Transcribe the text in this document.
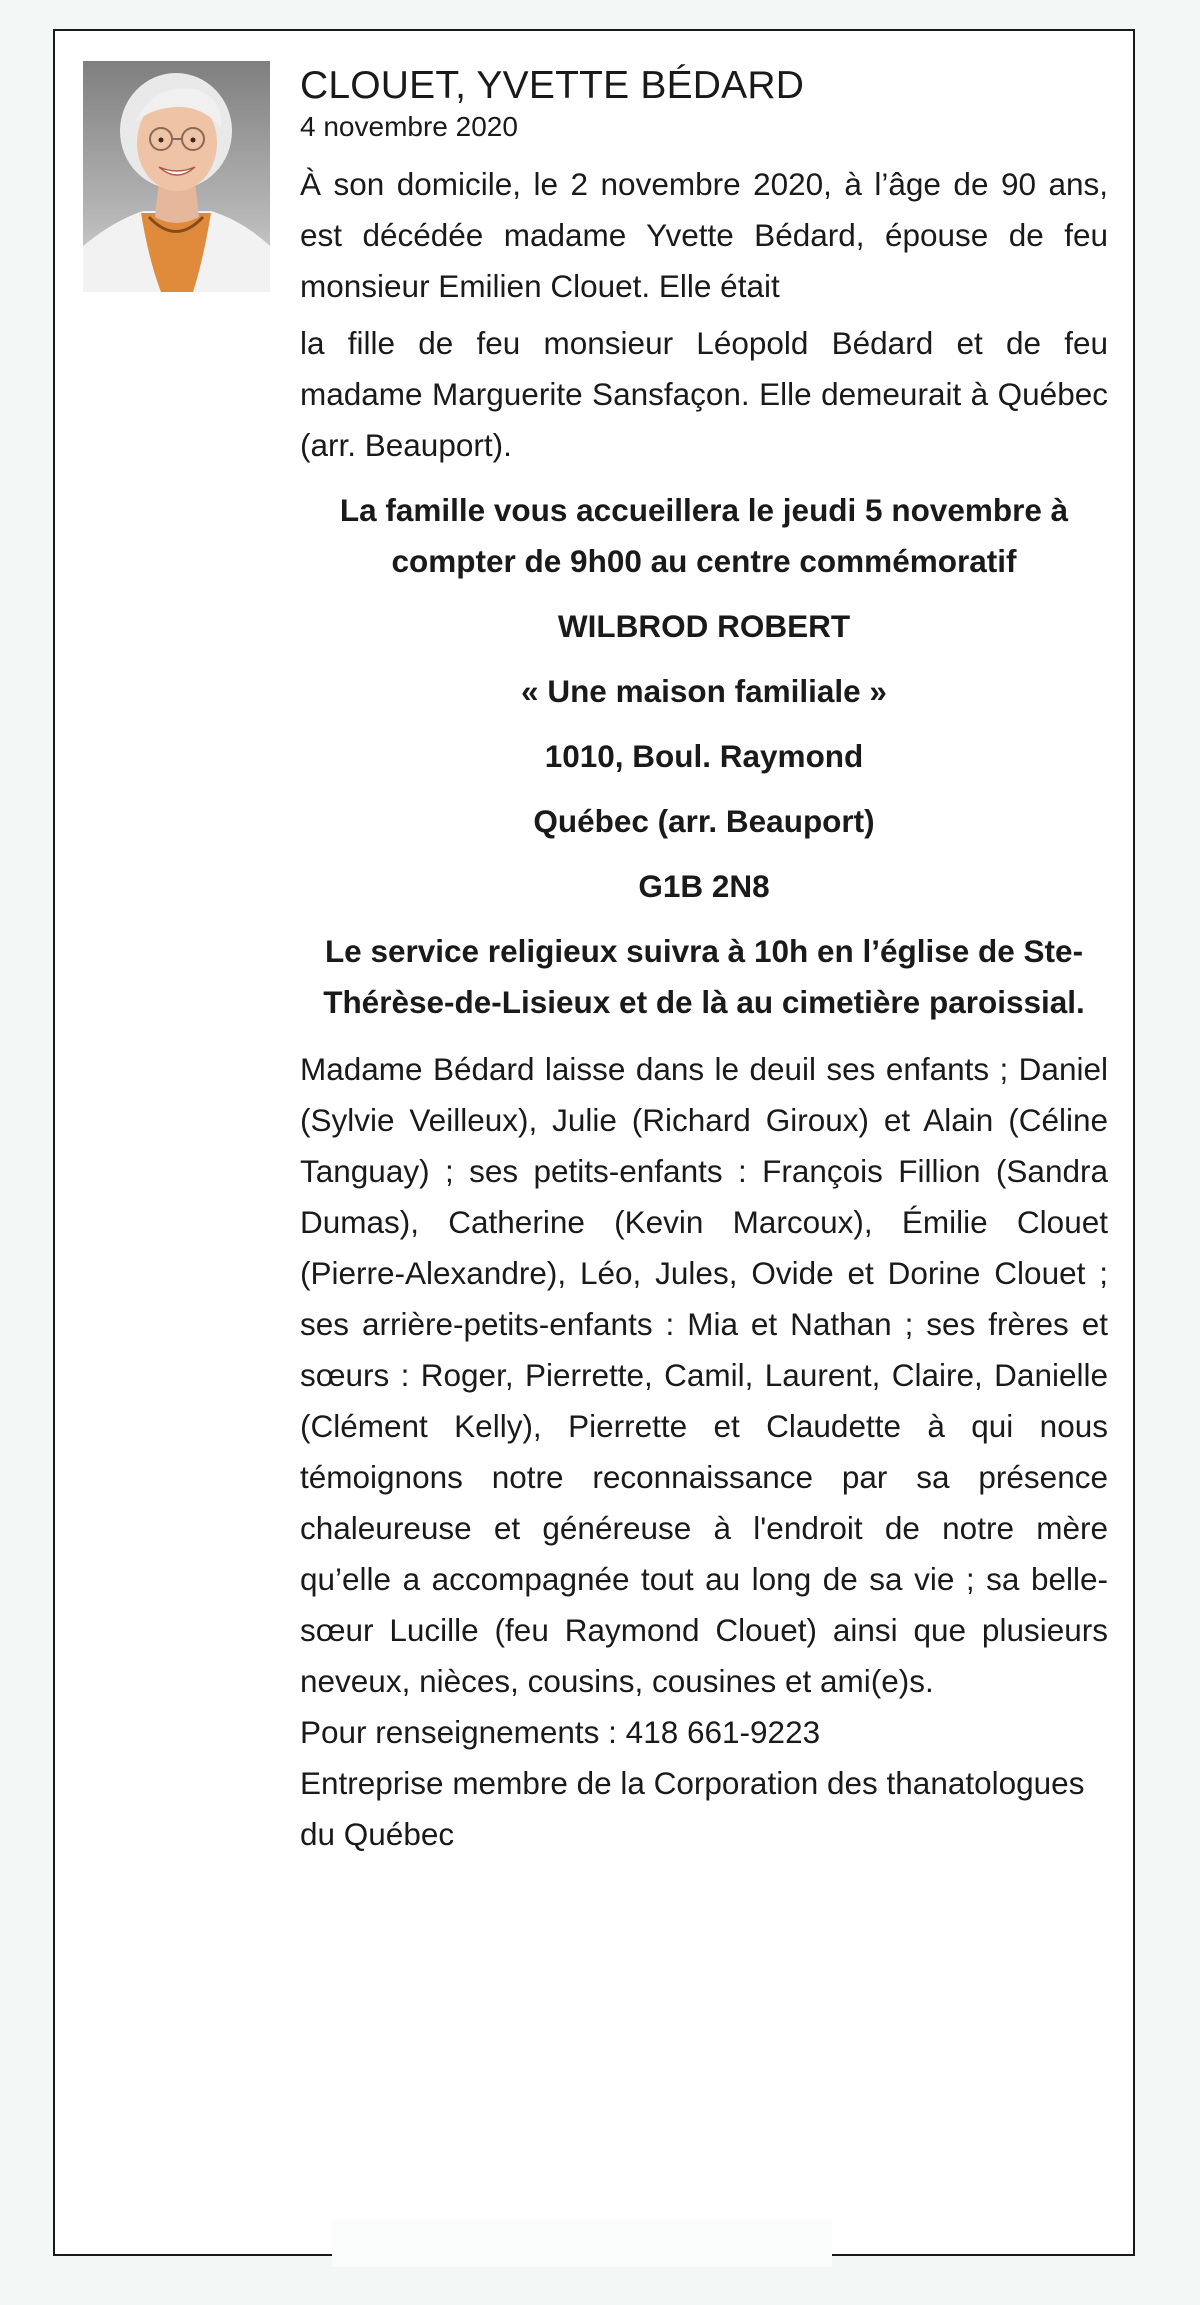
CLOUET, YVETTE BÉDARD

4 novembre 2020

À son domicile, le 2 novembre 2020, à l’âge de 90 ans, est décédée madame Yvette Bédard, épouse de feu monsieur Emilien Clouet. Elle était

la fille de feu monsieur Léopold Bédard et de feu madame Marguerite Sansfaçon. Elle demeurait à Québec (arr. Beauport).

La famille vous accueillera le jeudi 5 novembre à compter de 9h00 au centre commémoratif

WILBROD ROBERT

« Une maison familiale »

1010, Boul. Raymond

Québec (arr. Beauport)

G1B 2N8

Le service religieux suivra à 10h en l’église de Ste-Thérèse-de-Lisieux et de là au cimetière paroissial.

Madame Bédard laisse dans le deuil ses enfants ; Daniel (Sylvie Veilleux), Julie (Richard Giroux) et Alain (Céline Tanguay) ; ses petits-enfants : François Fillion (Sandra Dumas), Catherine (Kevin Marcoux), Émilie Clouet (Pierre-Alexandre), Léo, Jules, Ovide et Dorine Clouet ; ses arrière-petits-enfants : Mia et Nathan ; ses frères et sœurs : Roger, Pierrette, Camil, Laurent, Claire, Danielle (Clément Kelly), Pierrette et Claudette à qui nous témoignons notre reconnaissance par sa présence chaleureuse et généreuse à l'endroit de notre mère qu’elle a accompagnée tout au long de sa vie ; sa belle-sœur Lucille (feu Raymond Clouet) ainsi que plusieurs neveux, nièces, cousins, cousines et ami(e)s.

Pour renseignements : 418 661-9223

Entreprise membre de la Corporation des thanatologues du Québec
